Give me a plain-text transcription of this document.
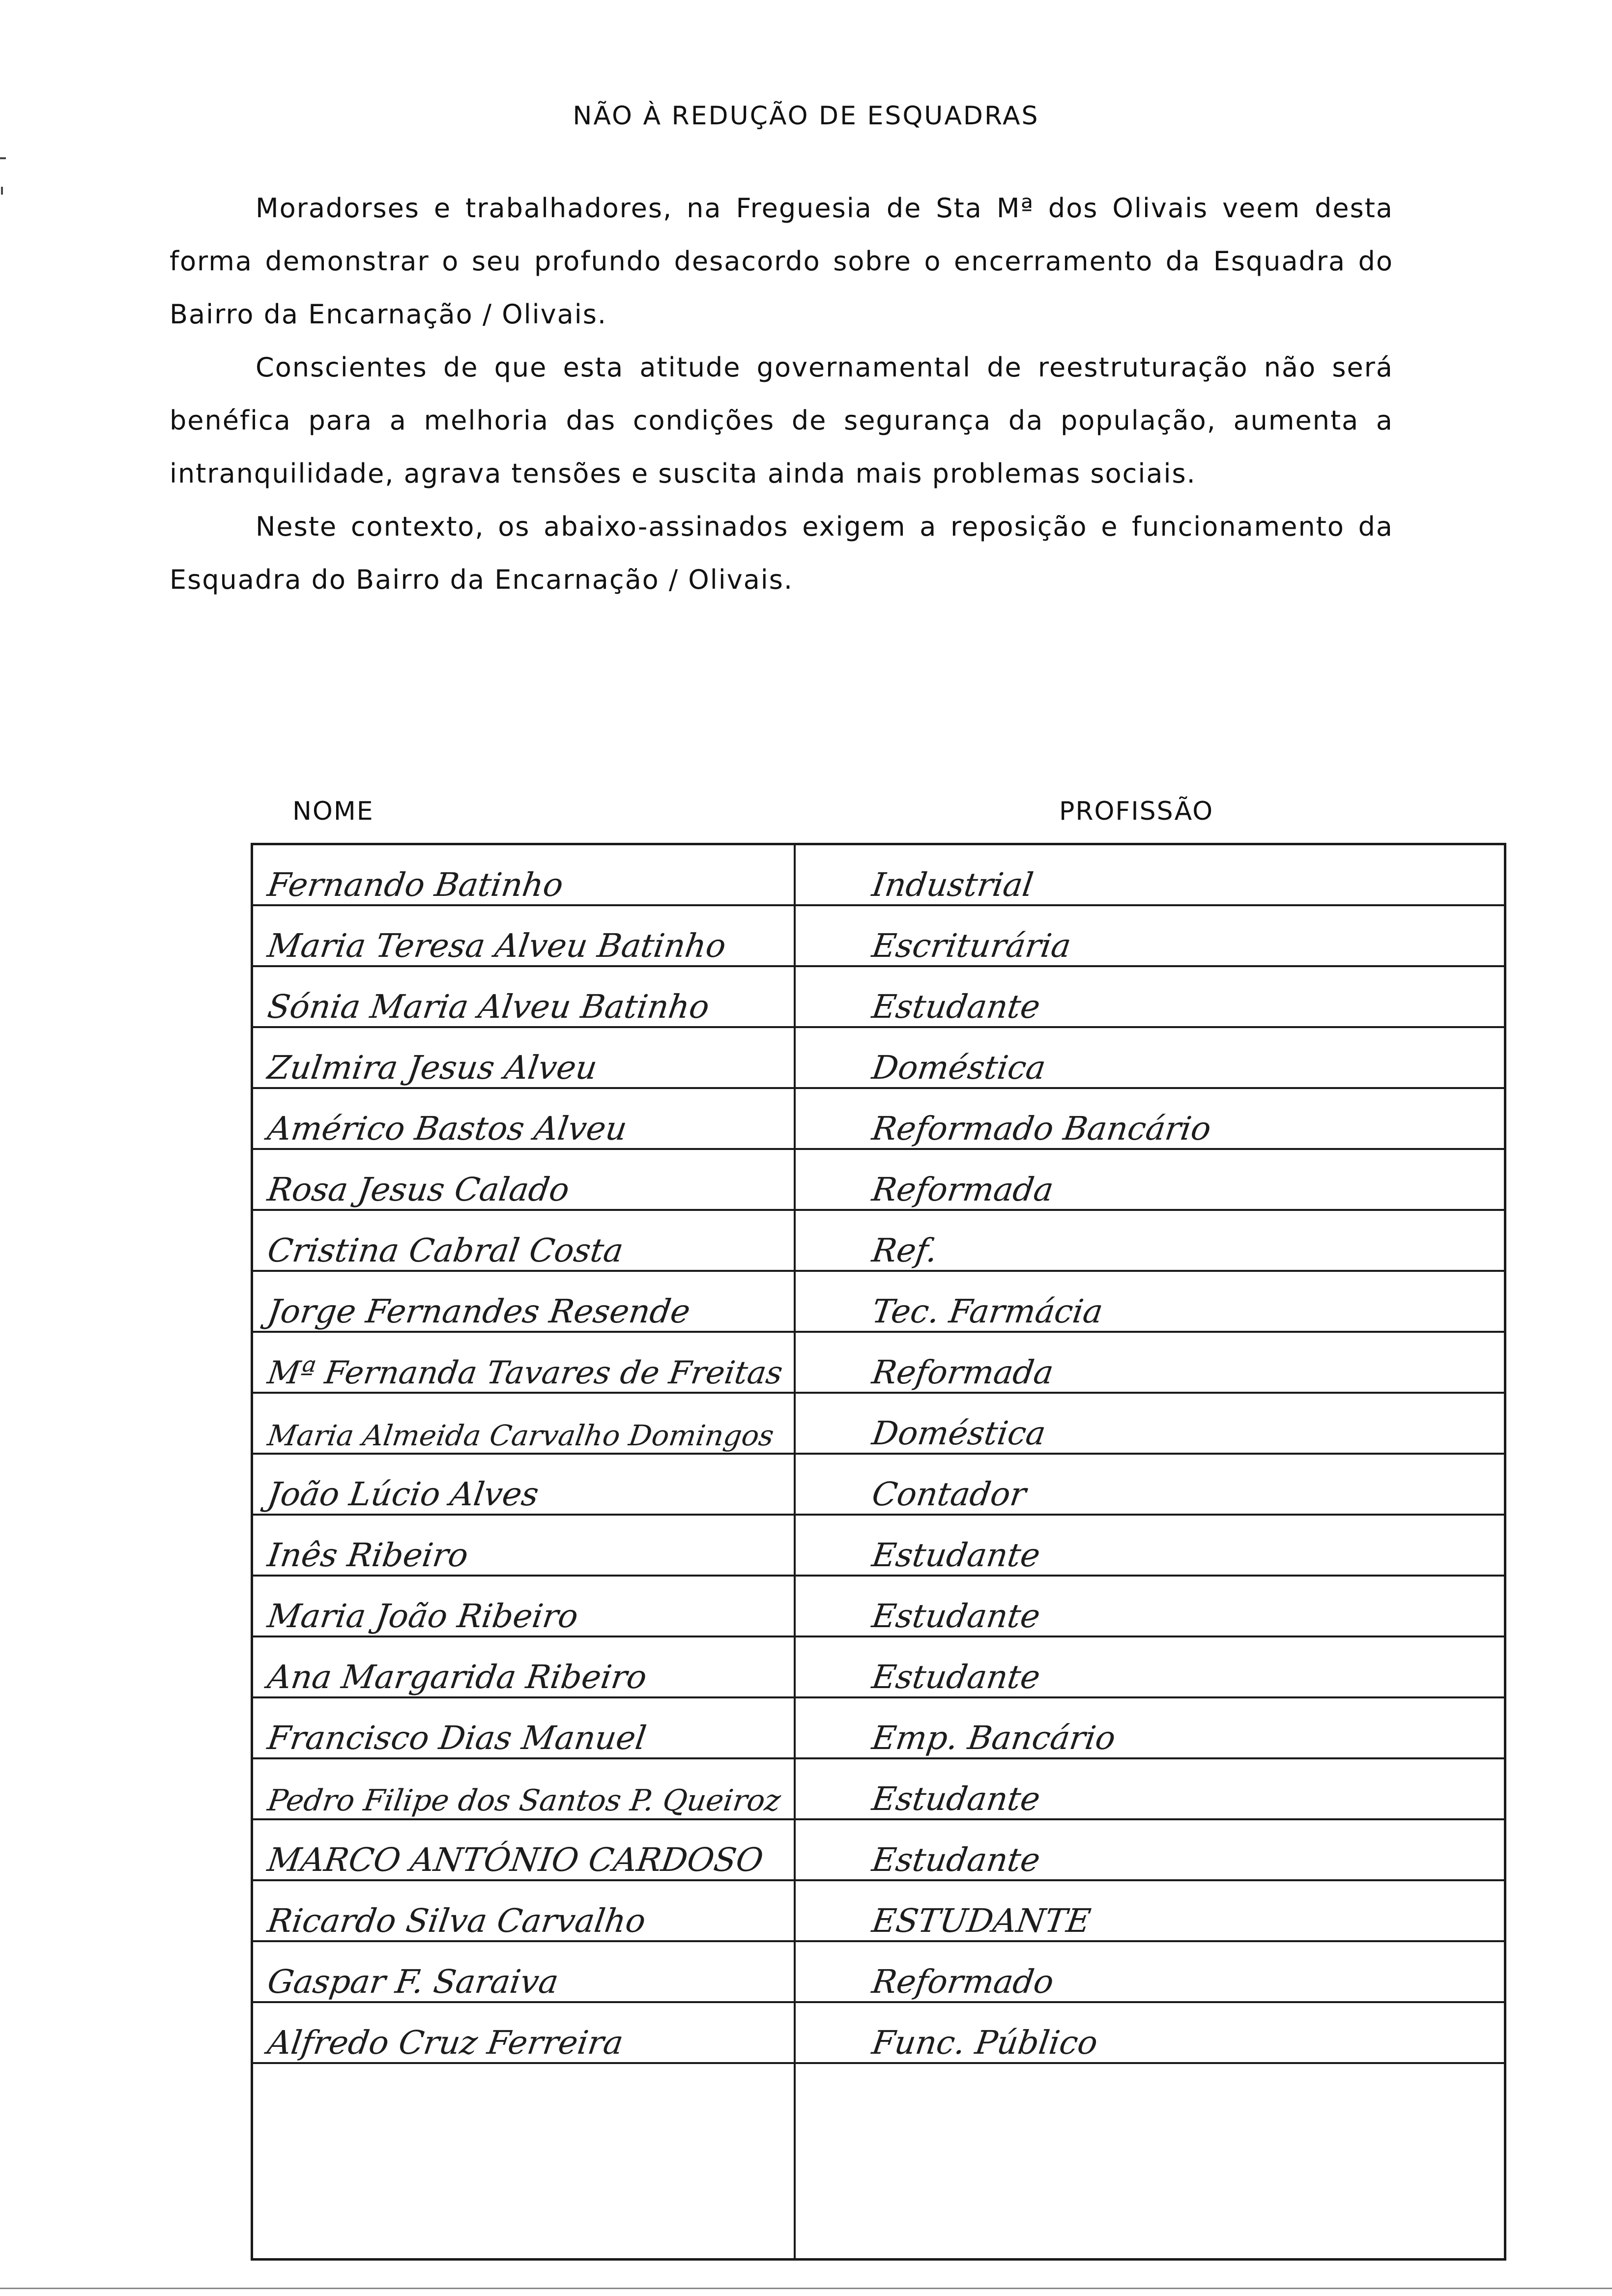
NÃO À REDUÇÃO DE ESQUADRAS

Moradorses e trabalhadores, na Freguesia de Sta Mª dos Olivais veem desta forma demonstrar o seu profundo desacordo sobre o encerramento da Esquadra do Bairro da Encarnação / Olivais.

Conscientes de que esta atitude governamental de reestruturação não será benéfica para a melhoria das condições de segurança da população, aumenta a intranquilidade, agrava tensões e suscita ainda mais problemas sociais.

Neste contexto, os abaixo-assinados exigem a reposição e funcionamento da Esquadra do Bairro da Encarnação / Olivais.

NOME	PROFISSÃO
Fernando Batinho	Industrial
Maria Teresa Alveu Batinho	Escriturária
Sónia Maria Alveu Batinho	Estudante
Zulmira Jesus Alveu	Doméstica
Américo Bastos Alveu	Reformado Bancário
Rosa Jesus Calado	Reformada
Cristina Cabral Costa	Ref.
Jorge Fernandes Resende	Tec. Farmácia
Mª Fernanda Tavares de Freitas	Reformada
Maria Almeida Carvalho Domingos	Doméstica
João Lúcio Alves	Contador
Inês Ribeiro	Estudante
Maria João Ribeiro	Estudante
Ana Margarida Ribeiro	Estudante
Francisco Dias Manuel	Emp. Bancário
Pedro Filipe dos Santos P. Queiroz	Estudante
MARCO ANTÓNIO CARDOSO	Estudante
Ricardo Silva Carvalho	ESTUDANTE
Gaspar F. Saraiva	Reformado
Alfredo Cruz Ferreira	Func. Público
